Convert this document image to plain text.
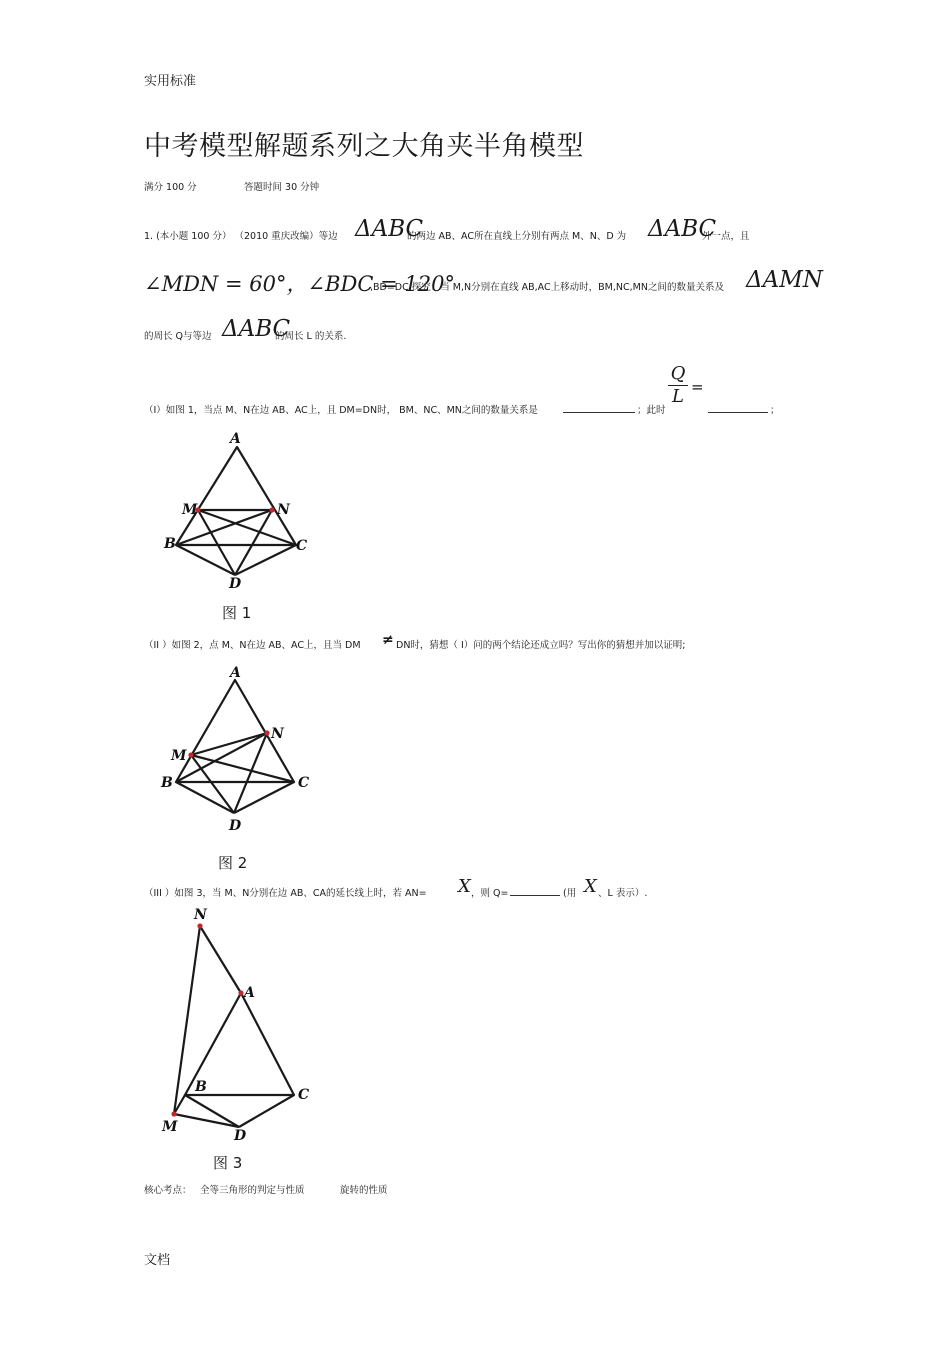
实用标准
中考模型解题系列之大角夹半角模型
满分 100 分	答题时间 30 分钟
1. (本小题 100 分） （2010 重庆改编）等边 ΔABC
的两边 AB、AC所在直线上分别有两点 M、N、D 为 ΔABC
外一点，且
∠MDN = 60°，∠BDC = 120°
,BD=DC.探究：当 M,N分别在直线 AB,AC上移动时，BM,NC,MN之间的数量关系及 ΔAMN
的周长 Q与等边 ΔABC
的周长 L 的关系.
（I）如图 1，当点 M、N在边 AB、AC上，且 DM=DN时， BM、NC、MN之间的数量关系是	；此时
Q
L =
；
A
M	N
B	C
D
图 1
（II ）如图 2，点 M、N在边 AB、AC上，且当 DM ≠ DN时，猜想（ I）问的两个结论还成立吗？写出你的猜想并加以证明;
A
N
M
B	C
D
图 2
（III ）如图 3，当 M、N分别在边 AB、CA的延长线上时，若 AN= X ，则 Q=	(用 X 、L 表示）.
N
A
B	C
M
D
图 3
核心考点： 全等三角形的判定与性质	旋转的性质
文档
